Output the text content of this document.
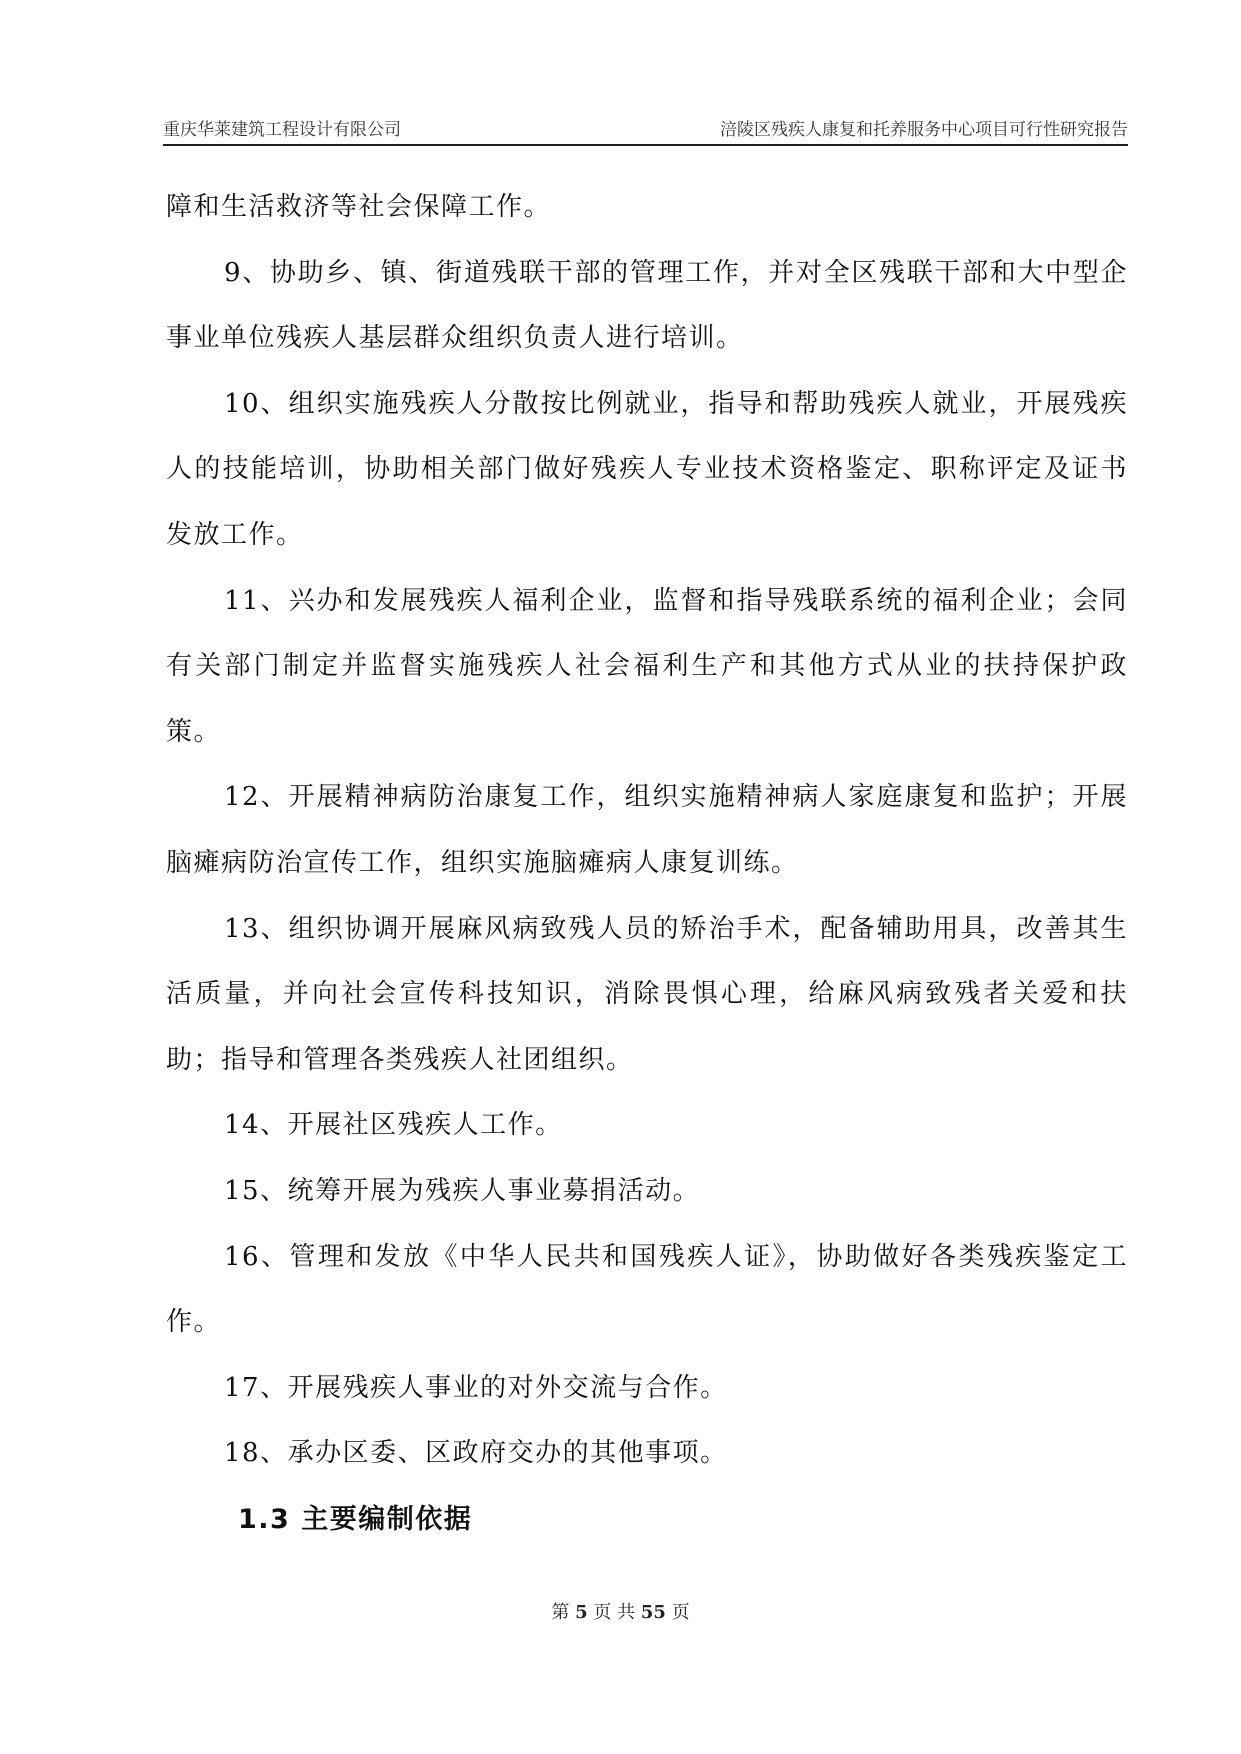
重庆华莱建筑工程设计有限公司	涪陵区残疾人康复和托养服务中心项目可行性研究报告

障和生活救济等社会保障工作。

9、协助乡、镇、街道残联干部的管理工作，并对全区残联干部和大中型企事业单位残疾人基层群众组织负责人进行培训。

10、组织实施残疾人分散按比例就业，指导和帮助残疾人就业，开展残疾人的技能培训，协助相关部门做好残疾人专业技术资格鉴定、职称评定及证书发放工作。

11、兴办和发展残疾人福利企业，监督和指导残联系统的福利企业；会同有关部门制定并监督实施残疾人社会福利生产和其他方式从业的扶持保护政策。

12、开展精神病防治康复工作，组织实施精神病人家庭康复和监护；开展脑瘫病防治宣传工作，组织实施脑瘫病人康复训练。

13、组织协调开展麻风病致残人员的矫治手术，配备辅助用具，改善其生活质量，并向社会宣传科技知识，消除畏惧心理，给麻风病致残者关爱和扶助；指导和管理各类残疾人社团组织。

14、开展社区残疾人工作。

15、统筹开展为残疾人事业募捐活动。

16、管理和发放《中华人民共和国残疾人证》，协助做好各类残疾鉴定工作。

17、开展残疾人事业的对外交流与合作。

18、承办区委、区政府交办的其他事项。

1.3 主要编制依据
第 5 页 共 55 页
